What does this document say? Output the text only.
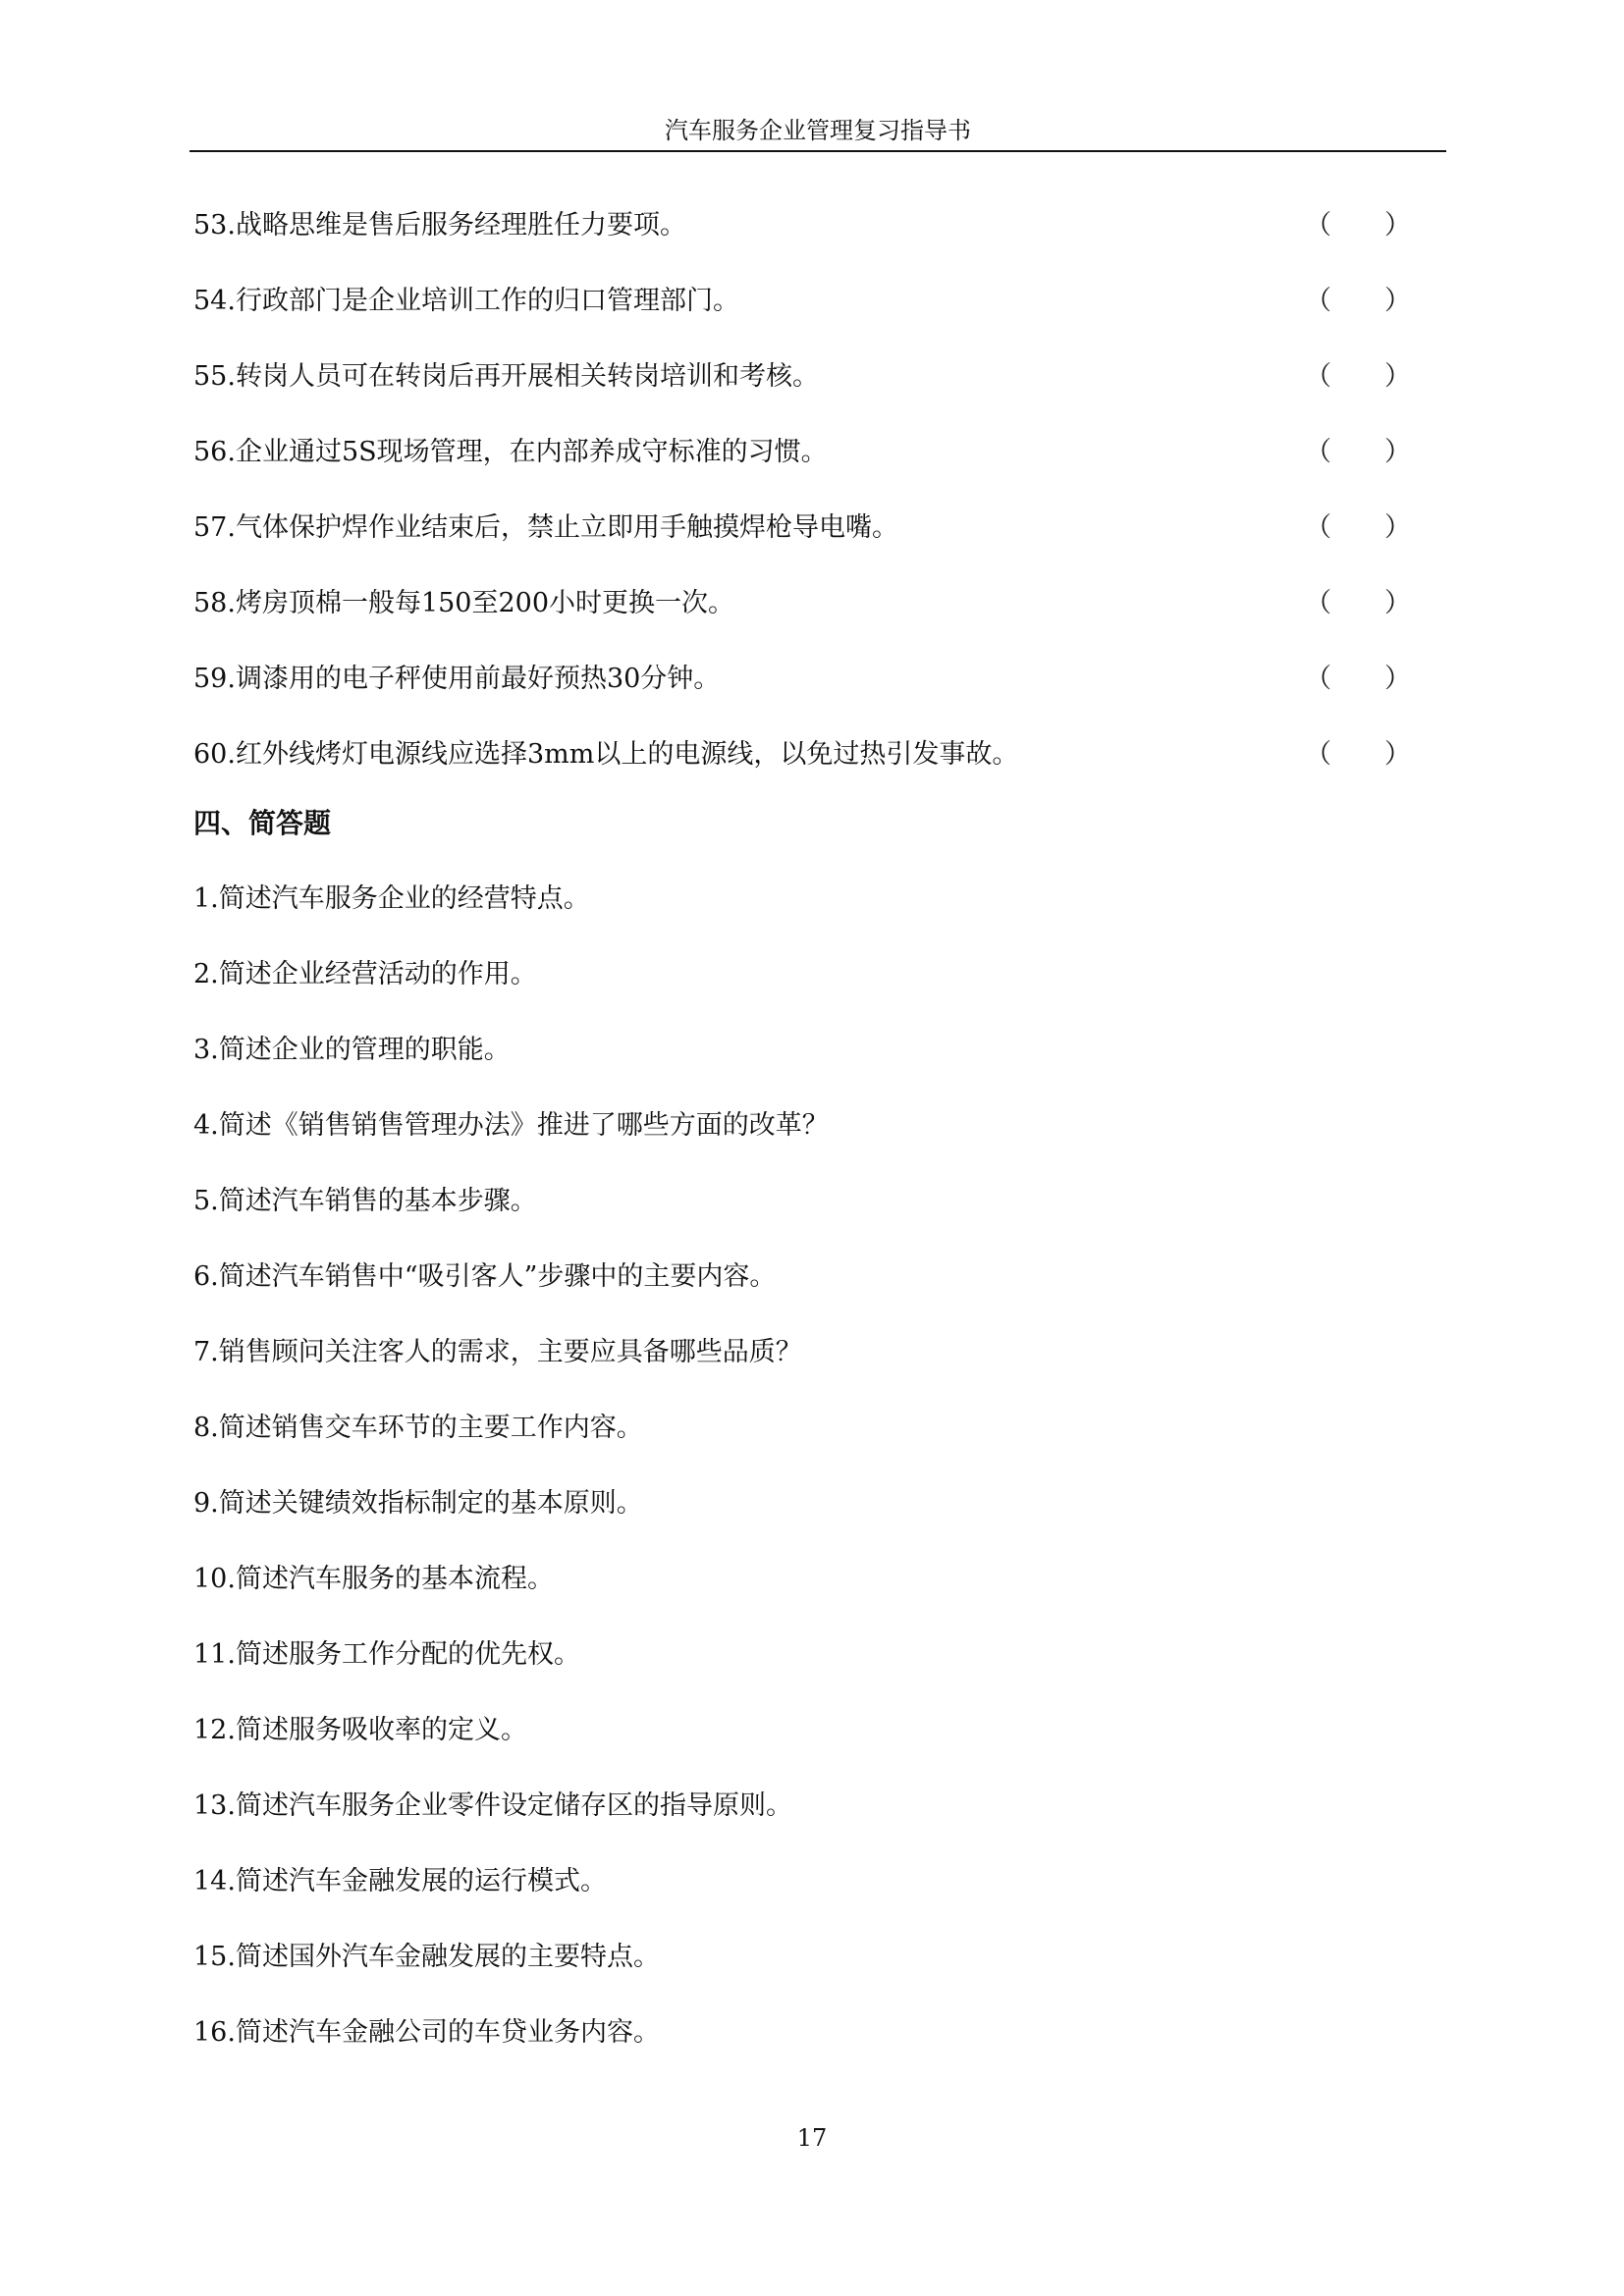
汽车服务企业管理复习指导书
53.战略思维是售后服务经理胜任力要项。	（　　）
54.行政部门是企业培训工作的归口管理部门。	（　　）
55.转岗人员可在转岗后再开展相关转岗培训和考核。	（　　）
56.企业通过5S现场管理，在内部养成守标准的习惯。	（　　）
57.气体保护焊作业结束后，禁止立即用手触摸焊枪导电嘴。	（　　）
58.烤房顶棉一般每150至200小时更换一次。	（　　）
59.调漆用的电子秤使用前最好预热30分钟。	（　　）
60.红外线烤灯电源线应选择3mm以上的电源线，以免过热引发事故。	（　　）
四、简答题
1.简述汽车服务企业的经营特点。
2.简述企业经营活动的作用。
3.简述企业的管理的职能。
4.简述《销售销售管理办法》推进了哪些方面的改革？
5.简述汽车销售的基本步骤。
6.简述汽车销售中“吸引客人”步骤中的主要内容。
7.销售顾问关注客人的需求，主要应具备哪些品质？
8.简述销售交车环节的主要工作内容。
9.简述关键绩效指标制定的基本原则。
10.简述汽车服务的基本流程。
11.简述服务工作分配的优先权。
12.简述服务吸收率的定义。
13.简述汽车服务企业零件设定储存区的指导原则。
14.简述汽车金融发展的运行模式。
15.简述国外汽车金融发展的主要特点。
16.简述汽车金融公司的车贷业务内容。
17
